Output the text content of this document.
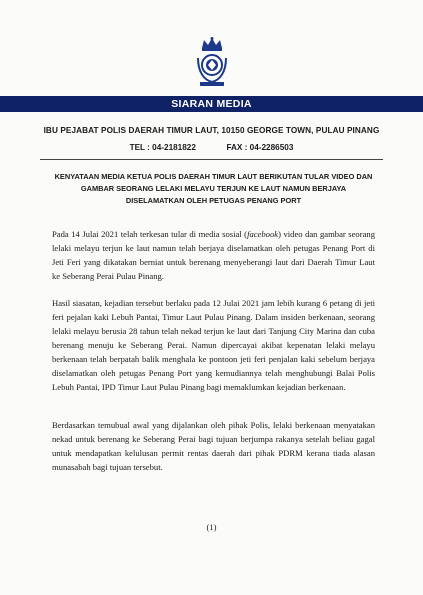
SIARAN MEDIA
IBU PEJABAT POLIS DAERAH TIMUR LAUT, 10150 GEORGE TOWN, PULAU PINANG
TEL : 04-2181822	FAX : 04-2286503
KENYATAAN MEDIA KETUA POLIS DAERAH TIMUR LAUT BERIKUTAN TULAR VIDEO DAN GAMBAR SEORANG LELAKI MELAYU TERJUN KE LAUT NAMUN BERJAYA DISELAMATKAN OLEH PETUGAS PENANG PORT
Pada 14 Julai 2021 telah terkesan tular di media sosial (facebook) video dan gambar seorang lelaki melayu terjun ke laut namun telah berjaya diselamatkan oleh petugas Penang Port di Jeti Feri yang dikatakan berniat untuk berenang menyeberangi laut dari Daerah Timur Laut ke Seberang Perai Pulau Pinang.
Hasil siasatan, kejadian tersebut berlaku pada 12 Julai 2021 jam lebih kurang 6 petang di jeti feri pejalan kaki Lebuh Pantai, Timur Laut Pulau Pinang. Dalam insiden berkenaan, seorang lelaki melayu berusia 28 tahun telah nekad terjun ke laut dari Tanjung City Marina dan cuba berenang menuju ke Seberang Perai. Namun dipercayai akibat kepenatan lelaki melayu berkenaan telah berpatah balik menghala ke pontoon jeti feri penjalan kaki sebelum berjaya diselamatkan oleh petugas Penang Port yang kemudiannya telah menghubungi Balai Polis Lebuh Pantai, IPD Timur Laut Pulau Pinang bagi memaklumkan kejadian berkenaan.
Berdasarkan temubual awal yang dijalankan oleh pihak Polis, lelaki berkenaan menyatakan nekad untuk berenang ke Seberang Perai bagi tujuan berjumpa rakanya setelah beliau gagal untuk mendapatkan kelulusan permit rentas daerah dari pihak PDRM kerana tiada alasan munasabah bagi tujuan tersebut.
(1)
